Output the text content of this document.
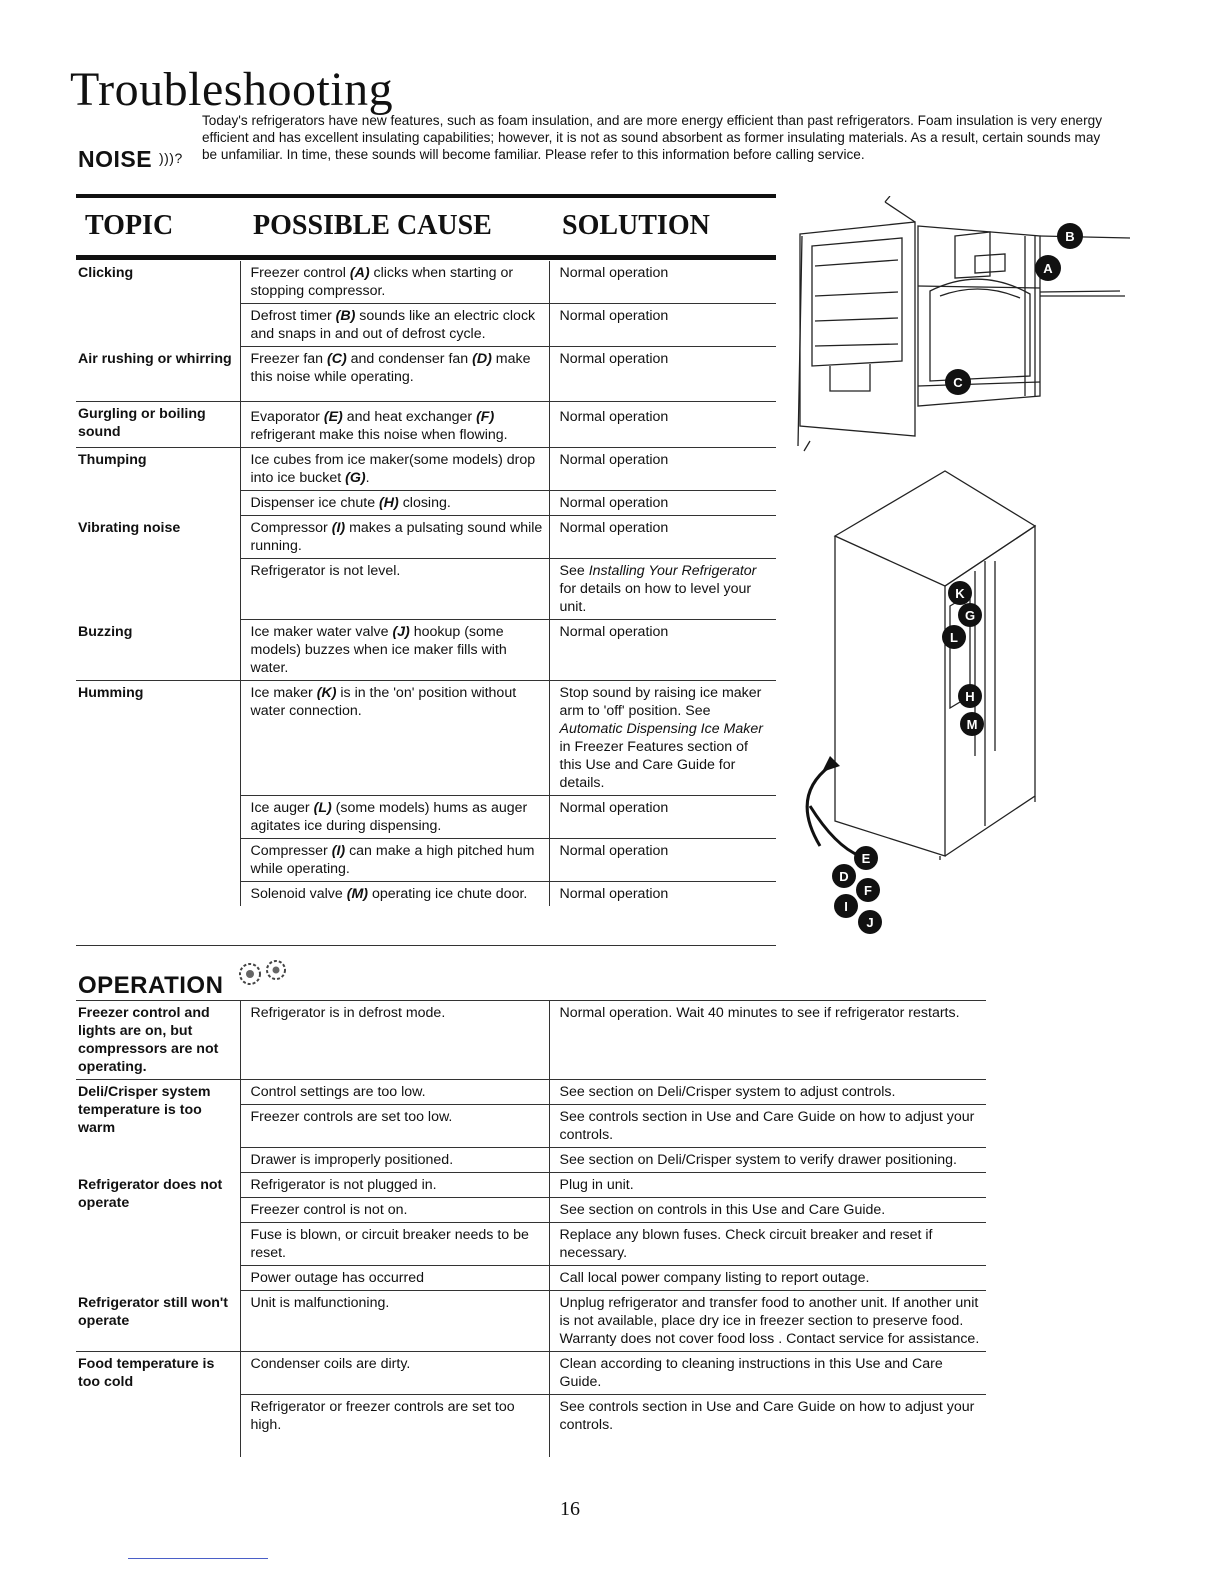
Troubleshooting
NOISE )))?

Today's refrigerators have new features, such as foam insulation, and are more energy efficient than past refrigerators. Foam insulation is very energy efficient and has excellent insulating capabilities; however, it is not as sound absorbent as former insulating materials. As a result, certain sounds may be unfamiliar. In time, these sounds will become familiar. Please refer to this information before calling service.

TOPIC	POSSIBLE CAUSE	SOLUTION
Clicking	Freezer control (A) clicks when starting or stopping compressor.	Normal operation
	Defrost timer (B) sounds like an electric clock and snaps in and out of defrost cycle.	Normal operation
Air rushing or whirring	Freezer fan (C) and condenser fan (D) make this noise while operating.	Normal operation
Gurgling or boiling sound	Evaporator (E) and heat exchanger (F) refrigerant make this noise when flowing.	Normal operation
Thumping	Ice cubes from ice maker(some models) drop into ice bucket (G).	Normal operation
	Dispenser ice chute (H) closing.	Normal operation
Vibrating noise	Compressor (I) makes a pulsating sound while running.	Normal operation
	Refrigerator is not level.	See Installing Your Refrigerator for details on how to level your unit.
Buzzing	Ice maker water valve (J) hookup (some models) buzzes when ice maker fills with water.	Normal operation
Humming	Ice maker (K) is in the 'on' position without water connection.	Stop sound by raising ice maker arm to 'off' position. See Automatic Dispensing Ice Maker in Freezer Features section of this Use and Care Guide for details.
	Ice auger (L) (some models) hums as auger agitates ice during dispensing.	Normal operation
	Compresser (I) can make a high pitched hum while operating.	Normal operation
	Solenoid valve (M) operating ice chute door.	Normal operation
A
B
C
K
G
L
H
M
E
D
F
I
J
OPERATION
Freezer control and lights are on, but compressors are not operating.	Refrigerator is in defrost mode.	Normal operation. Wait 40 minutes to see if refrigerator restarts.
Deli/Crisper system temperature is too warm	Control settings are too low.	See section on Deli/Crisper system to adjust controls.
	Freezer controls are set too low.	See controls section in Use and Care Guide on how to adjust your controls.
	Drawer is improperly positioned.	See section on Deli/Crisper system to verify drawer positioning.
Refrigerator does not operate	Refrigerator is not plugged in.	Plug in unit.
	Freezer control is not on.	See section on controls in this Use and Care Guide.
	Fuse is blown, or circuit breaker needs to be reset.	Replace any blown fuses. Check circuit breaker and reset if necessary.
	Power outage has occurred	Call local power company listing to report outage.
Refrigerator still won't operate	Unit is malfunctioning.	Unplug refrigerator and transfer food to another unit. If another unit is not available, place dry ice in freezer section to preserve food. Warranty does not cover food loss . Contact service for assistance.
Food temperature is too cold	Condenser coils are dirty.	Clean according to cleaning instructions in this Use and Care Guide.
	Refrigerator or freezer controls are set too high.	See controls section in Use and Care Guide on how to adjust your controls.
16
